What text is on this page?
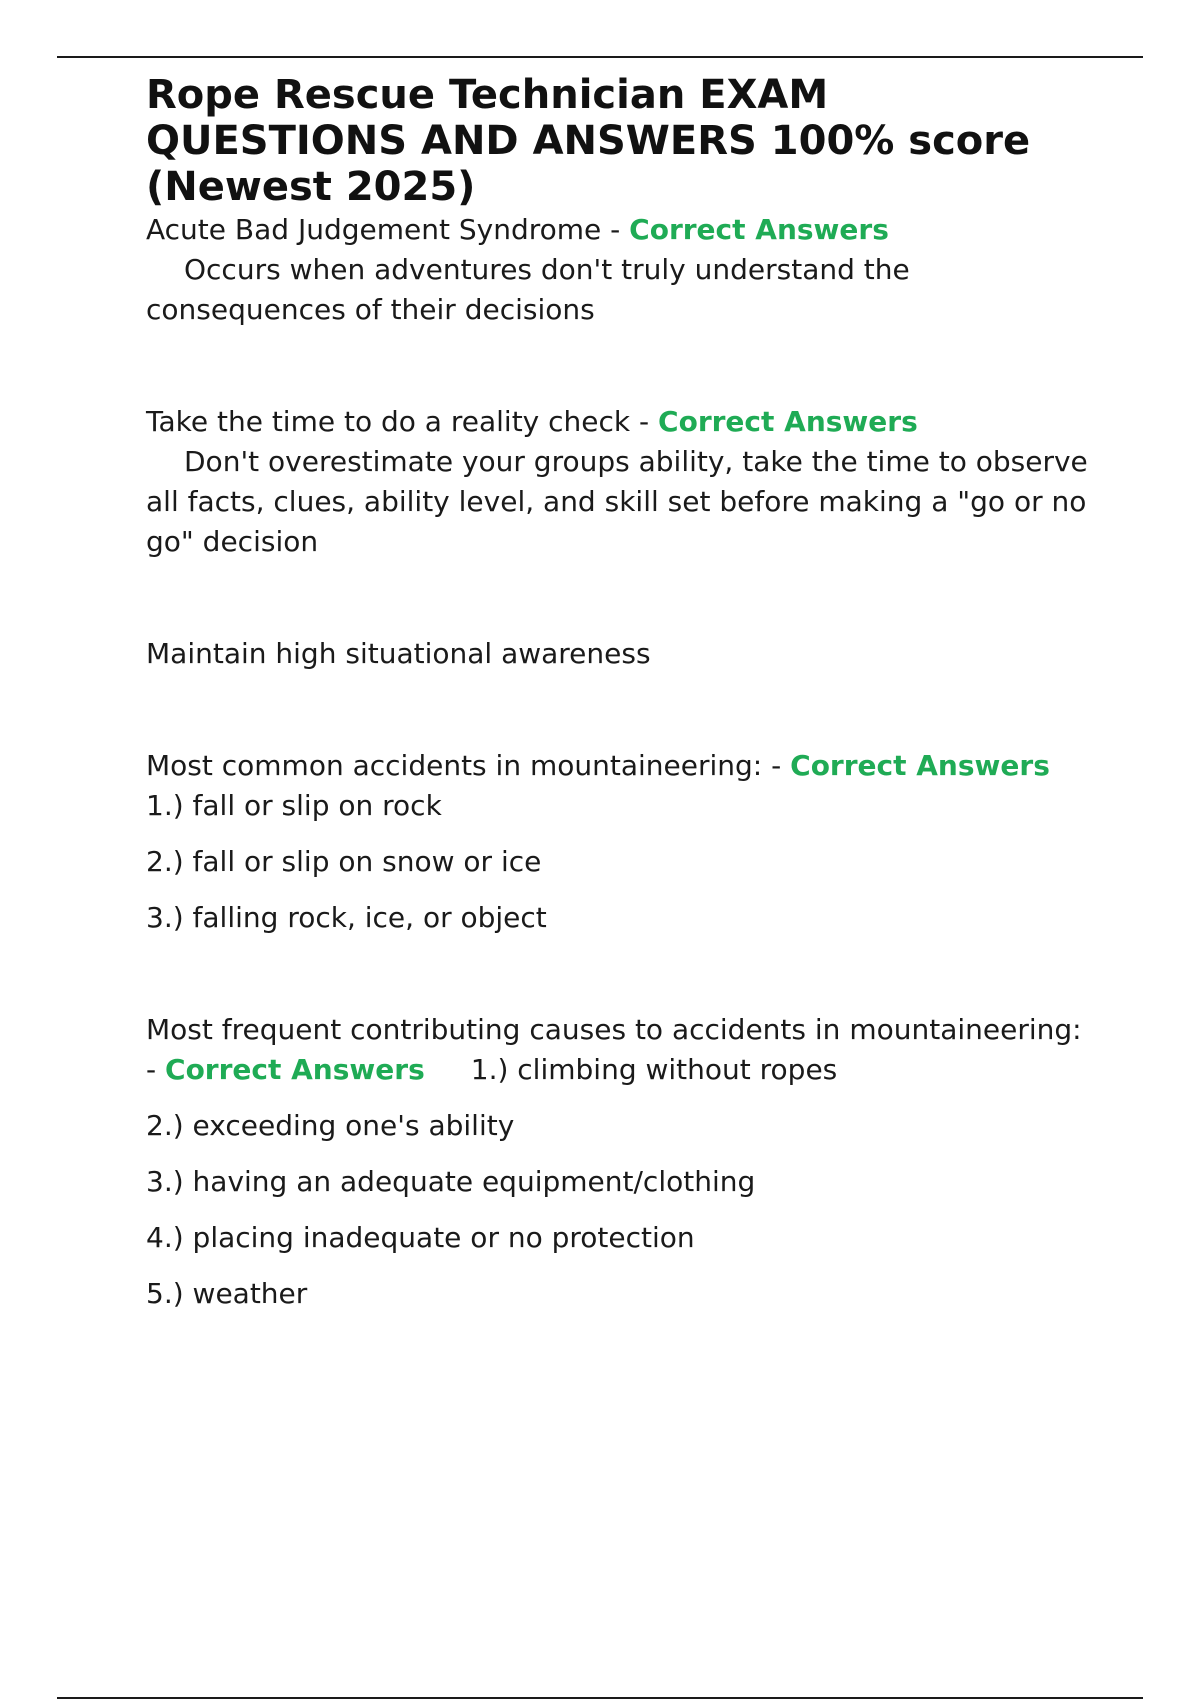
Rope Rescue Technician EXAM QUESTIONS AND ANSWERS 100% score (Newest 2025)

Acute Bad Judgement Syndrome - Correct Answers
Occurs when adventures don't truly understand the consequences of their decisions

Take the time to do a reality check - Correct Answers
Don't overestimate your groups ability, take the time to observe all facts, clues, ability level, and skill set before making a "go or no go" decision

Maintain high situational awareness

Most common accidents in mountaineering: - Correct Answers1.) fall or slip on rock

2.) fall or slip on snow or ice

3.) falling rock, ice, or object

Most frequent contributing causes to accidents in mountaineering: - Correct Answers 1.) climbing without ropes

2.) exceeding one's ability

3.) having an adequate equipment/clothing

4.) placing inadequate or no protection

5.) weather
